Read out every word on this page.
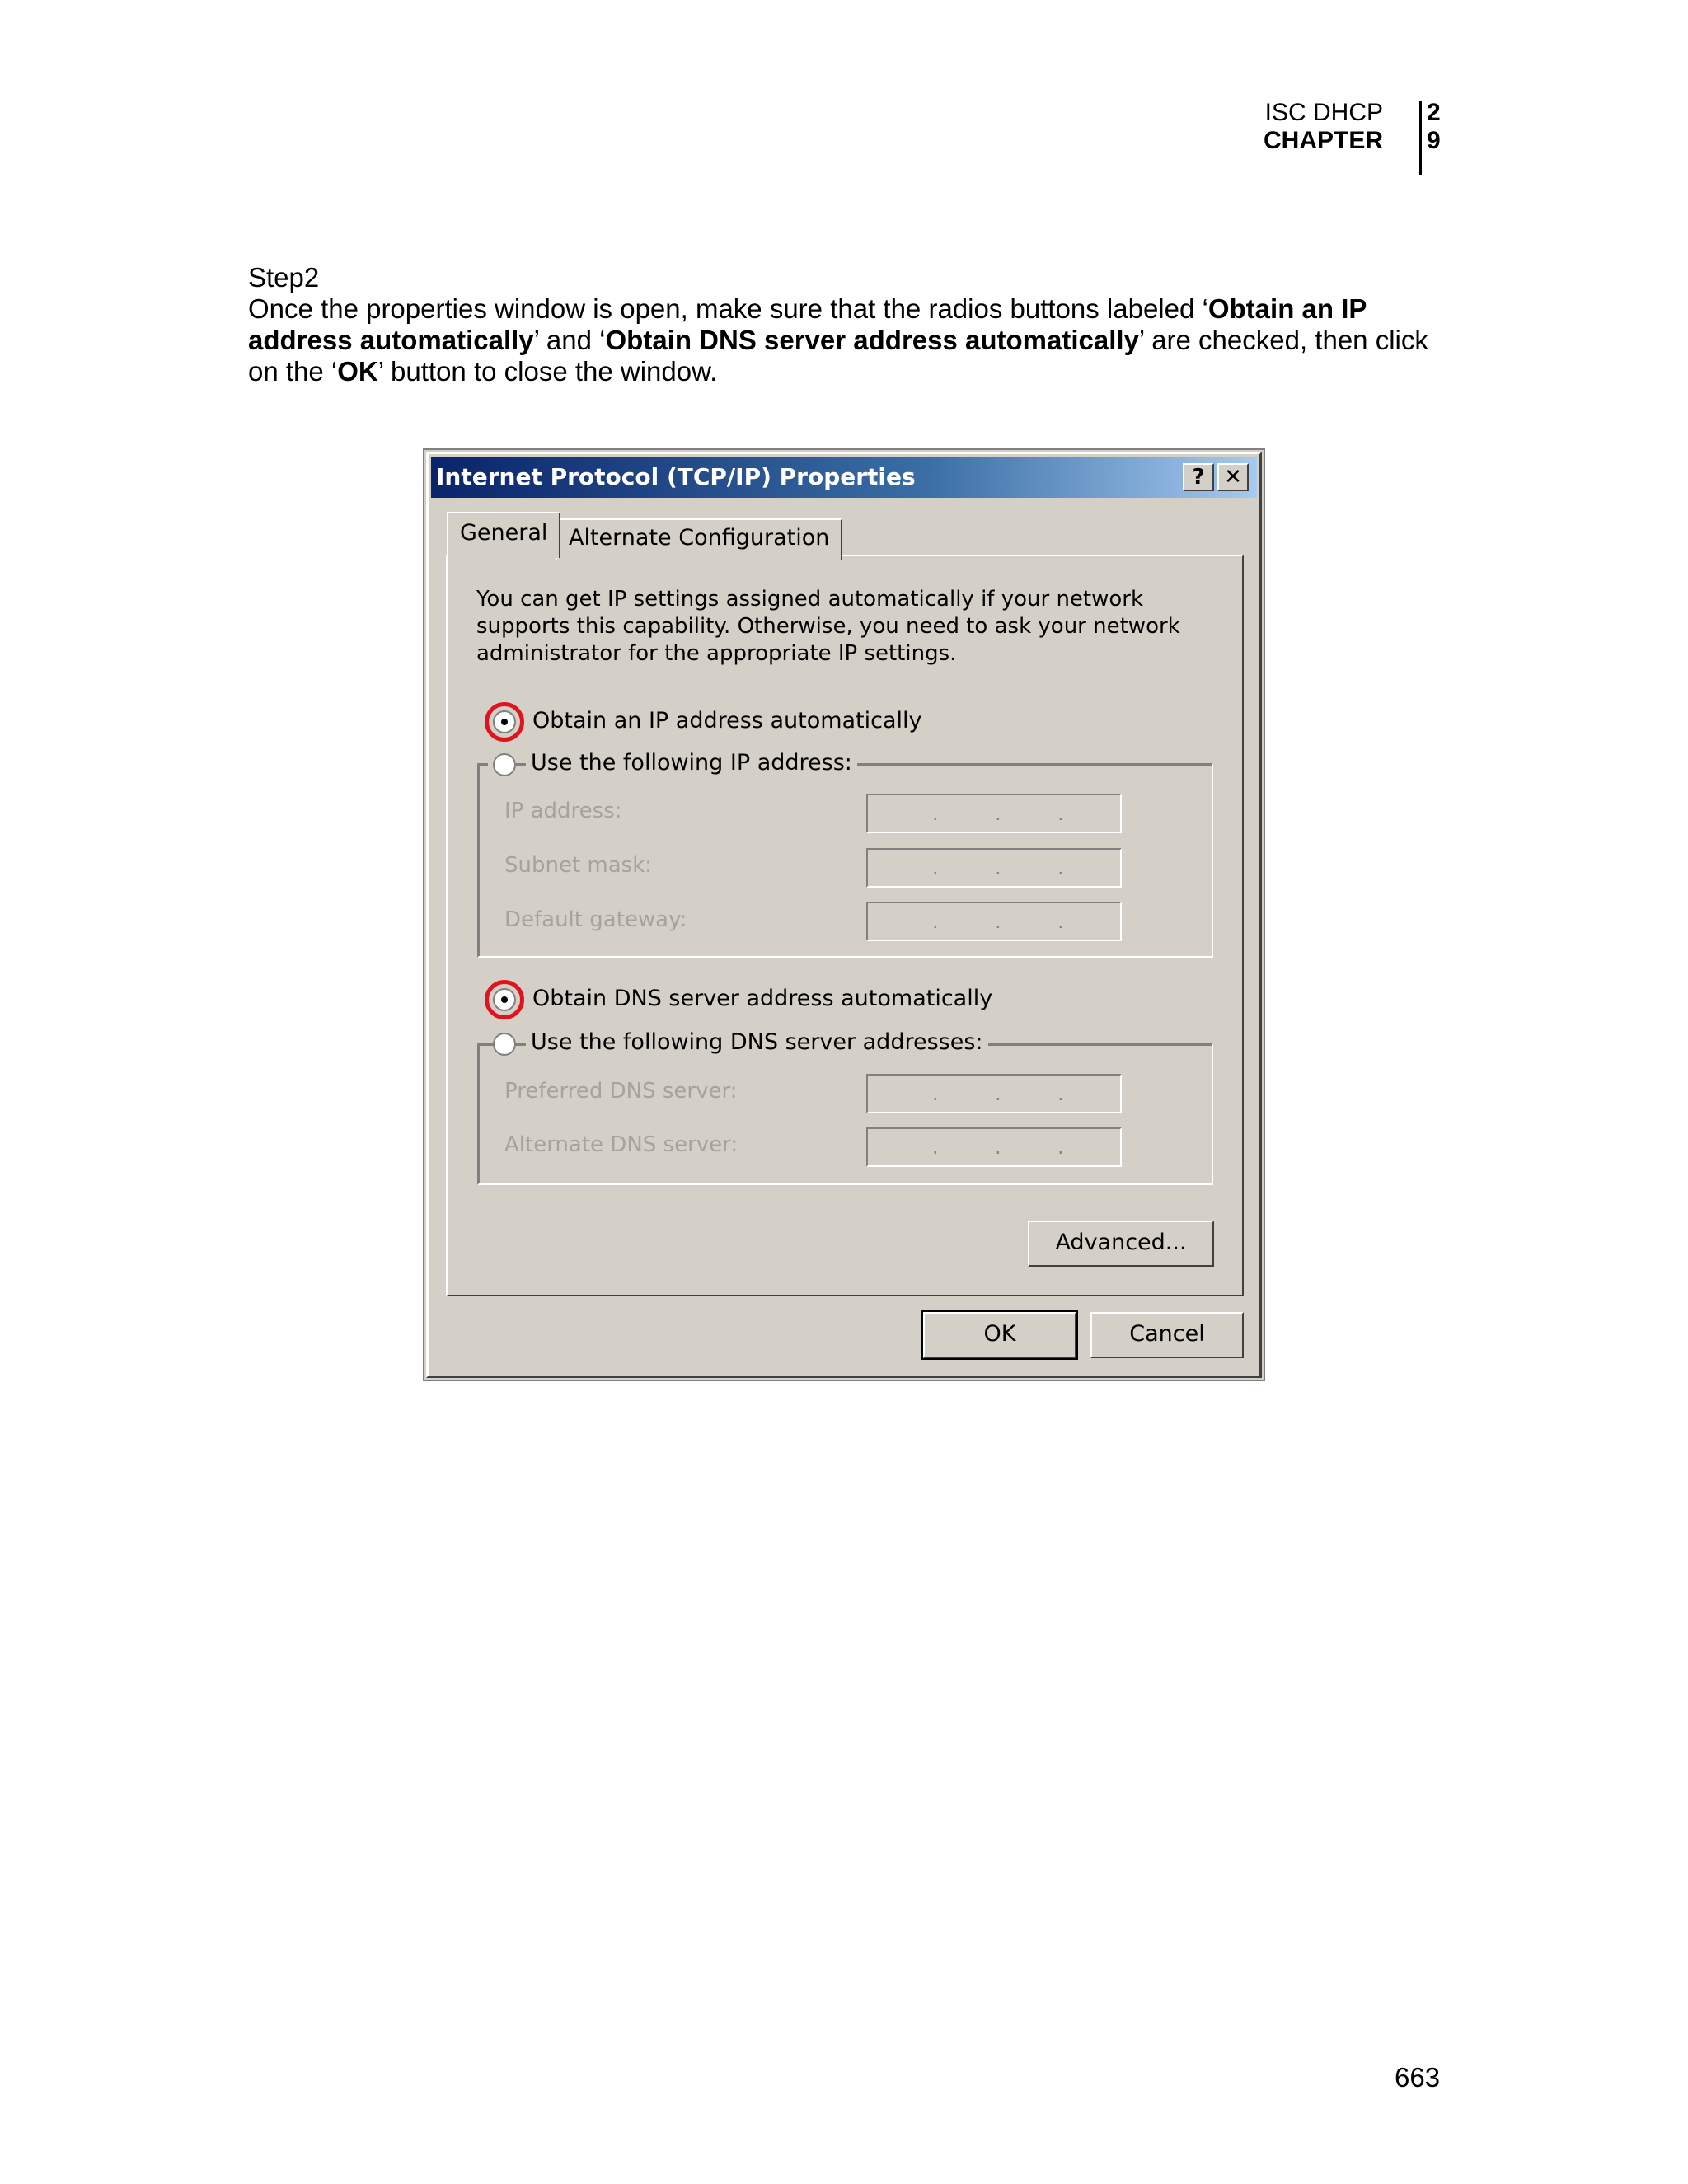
ISC DHCP
CHAPTER
2
9
Step2
Once the properties window is open, make sure that the radios buttons labeled ‘Obtain an IP address automatically’ and ‘Obtain DNS server address automatically’ are checked, then click on the ‘OK’ button to close the window.
Internet Protocol (TCP/IP) Properties	? ✕
General Alternate Configuration
You can get IP settings assigned automatically if your network supports this capability. Otherwise, you need to ask your network administrator for the appropriate IP settings.
Obtain an IP address automatically
Use the following IP address:
IP address:	.	.	.
Subnet mask:	.	.	.
Default gateway:	.	.	.
Obtain DNS server address automatically
Use the following DNS server addresses:
Preferred DNS server:	.	.	.
Alternate DNS server:	.	.	.
Advanced...
OK	Cancel
663
